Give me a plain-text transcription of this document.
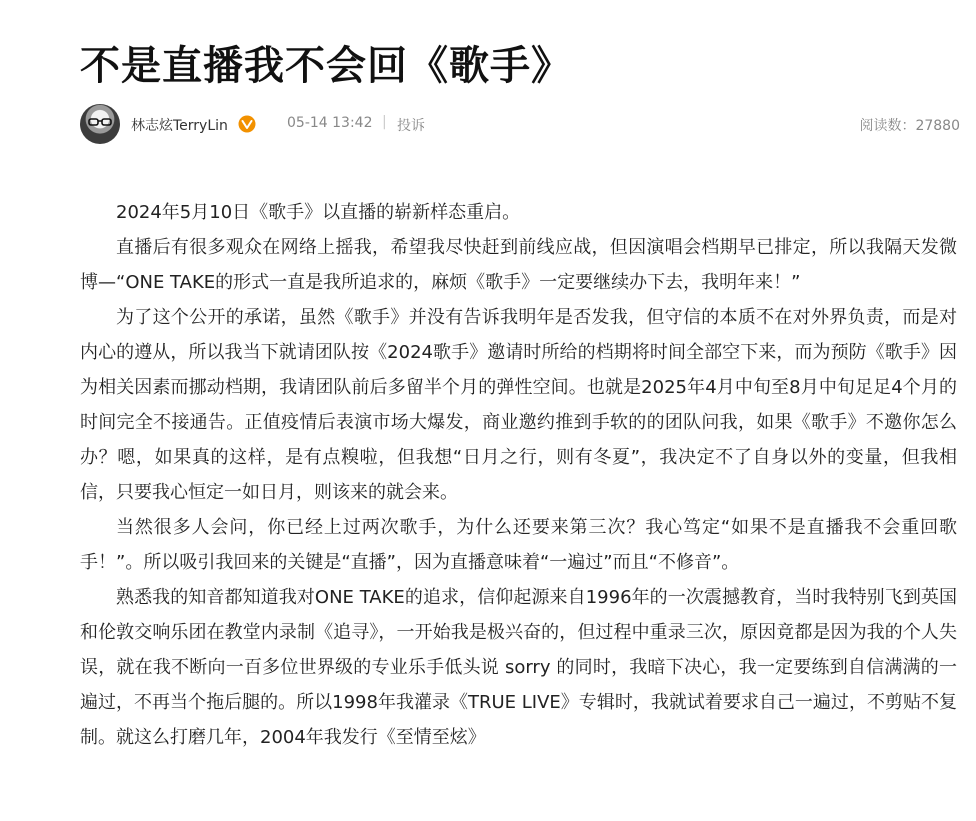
不是直播我不会回《歌手》
林志炫TerryLin	05-14 13:42 | 投诉	阅读数：27880

2024年5月10日《歌手》以直播的崭新样态重启。

直播后有很多观众在网络上摇我，希望我尽快赶到前线应战，但因演唱会档期早已排定，所以我隔天发微博—“ONE TAKE的形式一直是我所追求的，麻烦《歌手》一定要继续办下去，我明年来！”

为了这个公开的承诺，虽然《歌手》并没有告诉我明年是否发我，但守信的本质不在对外界负责，而是对内心的遵从，所以我当下就请团队按《2024歌手》邀请时所给的档期将时间全部空下来，而为预防《歌手》因为相关因素而挪动档期，我请团队前后多留半个月的弹性空间。也就是2025年4月中旬至8月中旬足足4个月的时间完全不接通告。正值疫情后表演市场大爆发，商业邀约推到手软的的团队问我，如果《歌手》不邀你怎么办？嗯，如果真的这样，是有点糗啦，但我想“日月之行，则有冬夏”，我决定不了自身以外的变量，但我相信，只要我心恒定一如日月，则该来的就会来。

当然很多人会问，你已经上过两次歌手，为什么还要来第三次？我心笃定“如果不是直播我不会重回歌手！”。所以吸引我回来的关键是“直播”，因为直播意味着“一遍过”而且“不修音”。

熟悉我的知音都知道我对ONE TAKE的追求，信仰起源来自1996年的一次震撼教育，当时我特别飞到英国和伦敦交响乐团在教堂内录制《追寻》，一开始我是极兴奋的，但过程中重录三次，原因竟都是因为我的个人失误，就在我不断向一百多位世界级的专业乐手低头说 sorry 的同时，我暗下决心，我一定要练到自信满满的一遍过，不再当个拖后腿的。所以1998年我灌录《TRUE LIVE》专辑时，我就试着要求自己一遍过，不剪贴不复制。就这么打磨几年，2004年我发行《至情至炫》
